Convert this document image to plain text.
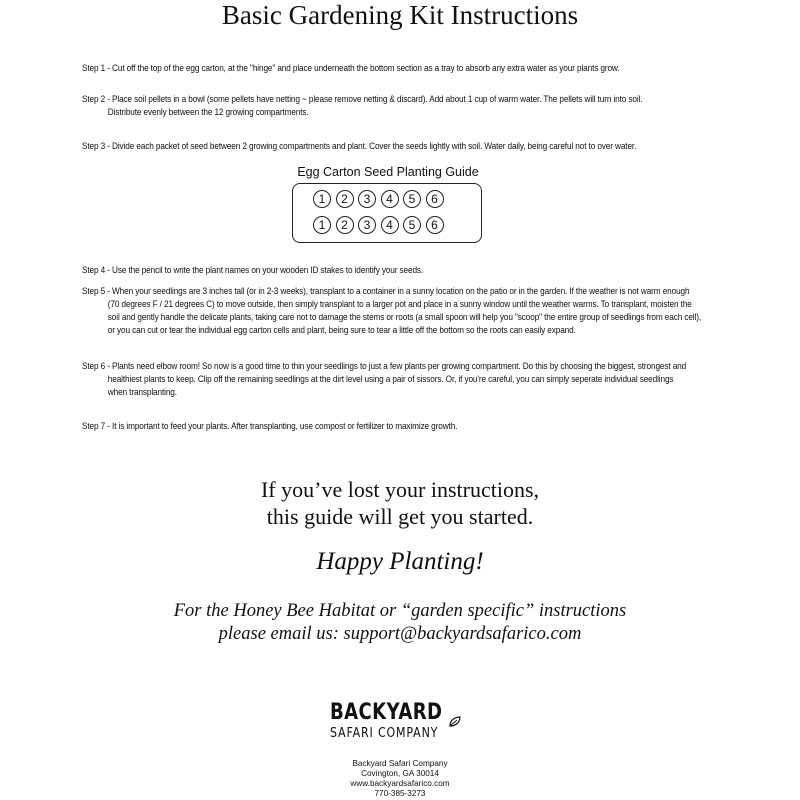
Basic Gardening Kit Instructions
Step 1 - Cut off the top of the egg carton, at the "hinge" and place underneath the bottom section as a tray to absorb any extra water as your plants grow.
Step 2 - Place soil pellets in a bowl (some pellets have netting ~ please remove netting & discard). Add about 1 cup of warm water. The pellets will turn into soil.
Distribute evenly between the 12 growing compartments.
Step 3 - Divide each packet of seed between 2 growing compartments and plant. Cover the seeds lightly with soil. Water daily, being careful not to over water.
Step 4 - Use the pencil to write the plant names on your wooden ID stakes to identify your seeds.
Step 5 - When your seedlings are 3 inches tall (or in 2-3 weeks), transplant to a container in a sunny location on the patio or in the garden. If the weather is not warm enough
(70 degrees F / 21 degrees C) to move outside, then simply transplant to a larger pot and place in a sunny window until the weather warms. To transplant, moisten the
soil and gently handle the delicate plants, taking care not to damage the stems or roots (a small spoon will help you "scoop" the entire group of seedlings from each cell),
or you can cut or tear the individual egg carton cells and plant, being sure to tear a little off the bottom so the roots can easily expand.
Step 6 - Plants need elbow room! So now is a good time to thin your seedlings to just a few plants per growing compartment. Do this by choosing the biggest, strongest and
healthiest plants to keep. Clip off the remaining seedlings at the dirt level using a pair of sissors. Or, if you're careful, you can simply seperate individual seedlings
when transplanting.
Step 7 - It is important to feed your plants. After transplanting, use compost or fertilizer to maximize growth.
Egg Carton Seed Planting Guide
1	2	3	4	5	6
1	2	3	4	5	6
If you’ve lost your instructions,
this guide will get you started.
Happy Planting!
For the Honey Bee Habitat or “garden specific” instructions
please email us: support@backyardsafarico.com
BACKYARD
SAFARI COMPANY
Backyard Safari Company
Covington, GA 30014
www.backyardsafarico.com
770-385-3273
